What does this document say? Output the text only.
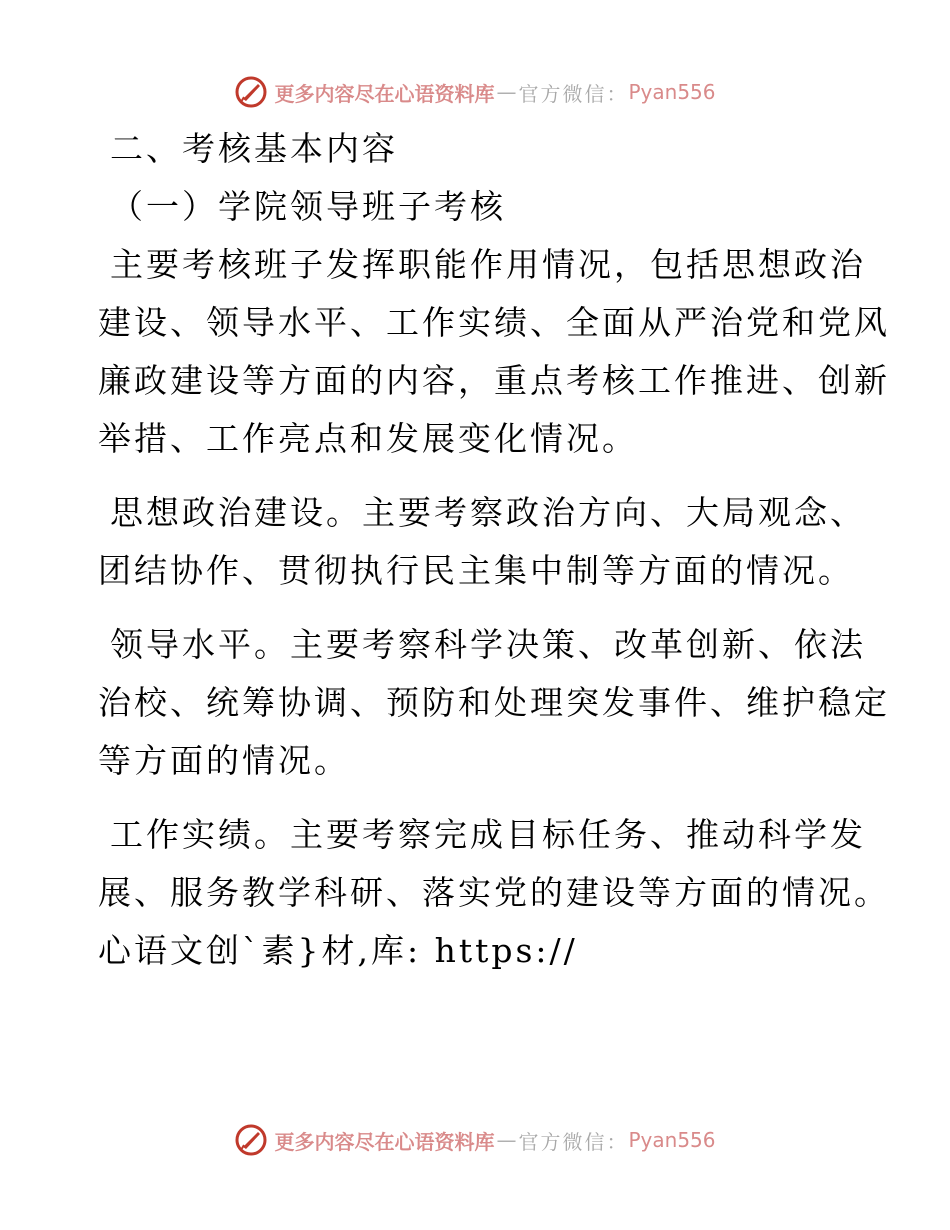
更多内容尽在心语资料库 — 官方微信： Pyan556
二、考核基本内容
（一）学院领导班子考核
主要考核班子发挥职能作用情况，包括思想政治
建设、领导水平、工作实绩、全面从严治党和党风
廉政建设等方面的内容，重点考核工作推进、创新
举措、工作亮点和发展变化情况。
思想政治建设。主要考察政治方向、大局观念、
团结协作、贯彻执行民主集中制等方面的情况。
领导水平。主要考察科学决策、改革创新、依法
治校、统筹协调、预防和处理突发事件、维护稳定
等方面的情况。
工作实绩。主要考察完成目标任务、推动科学发
展、服务教学科研、落实党的建设等方面的情况。
心语文创`素}材,库: https://
更多内容尽在心语资料库 — 官方微信： Pyan556
